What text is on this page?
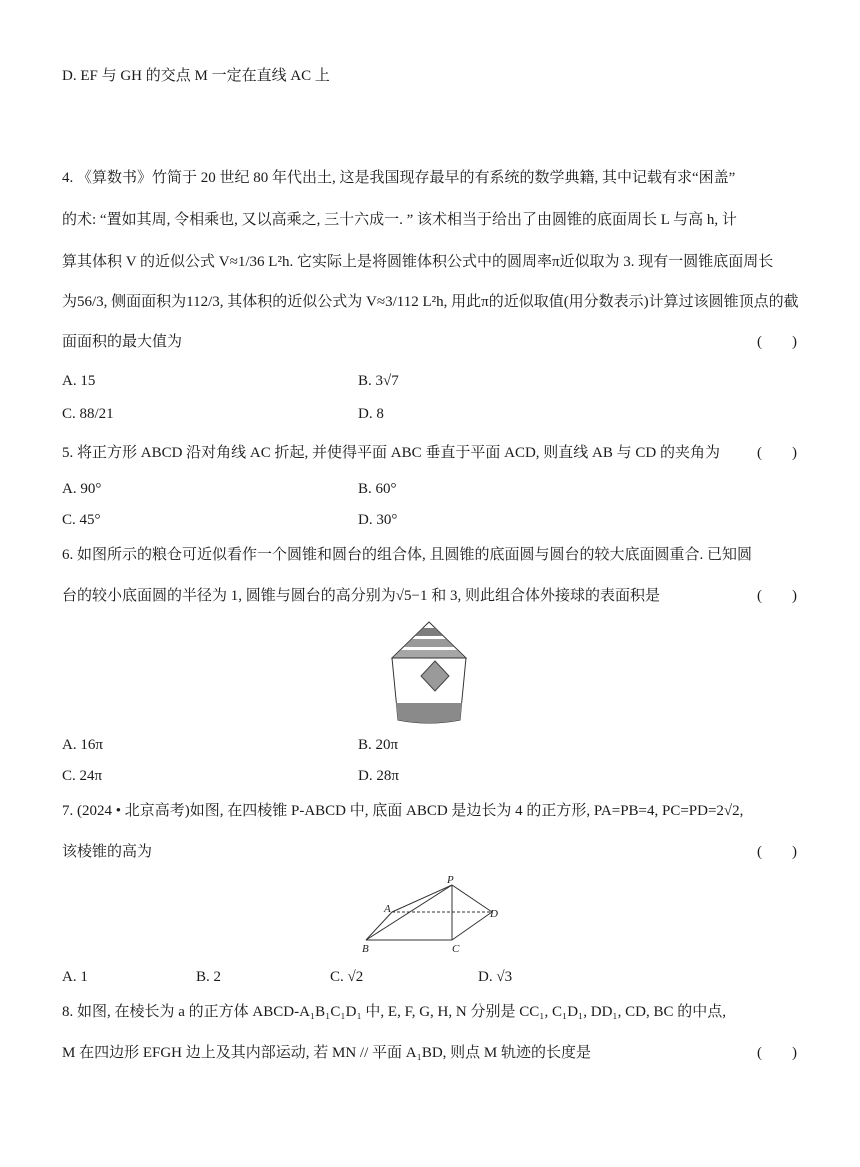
D. EF 与 GH 的交点 M 一定在直线 AC 上
4. 《算数书》竹简于 20 世纪 80 年代出土, 这是我国现存最早的有系统的数学典籍, 其中记载有求“困盖”
的术: “置如其周, 令相乘也, 又以高乘之, 三十六成一. ” 该术相当于给出了由圆锥的底面周长 L 与高 h, 计
算其体积 V 的近似公式 V≈1/36 L²h. 它实际上是将圆锥体积公式中的圆周率π近似取为 3. 现有一圆锥底面周长
为56/3, 侧面面积为112/3, 其体积的近似公式为 V≈3/112 L²h, 用此π的近似取值(用分数表示)计算过该圆锥顶点的截
面面积的最大值为	(　　)
A. 15	B. 3√7
C. 88/21	D. 8
5. 将正方形 ABCD 沿对角线 AC 折起, 并使得平面 ABC 垂直于平面 ACD, 则直线 AB 与 CD 的夹角为 (　　)
A. 90°	B. 60°
C. 45°	D. 30°
6. 如图所示的粮仓可近似看作一个圆锥和圆台的组合体, 且圆锥的底面圆与圆台的较大底面圆重合. 已知圆
台的较小底面圆的半径为 1, 圆锥与圆台的高分别为√5−1 和 3, 则此组合体外接球的表面积是	(　　)
A. 16π	B. 20π
C. 24π	D. 28π
7. (2024 • 北京高考)如图, 在四棱锥 P-ABCD 中, 底面 ABCD 是边长为 4 的正方形, PA=PB=4, PC=PD=2√2,
该棱锥的高为	(　　)
P
A	D
B	C
A. 1	B. 2	C. √2	D. √3
8. 如图, 在棱长为 a 的正方体 ABCD-A₁B₁C₁D₁ 中, E, F, G, H, N 分别是 CC₁, C₁D₁, DD₁, CD, BC 的中点,
M 在四边形 EFGH 边上及其内部运动, 若 MN // 平面 A₁BD, 则点 M 轨迹的长度是	(　　)
